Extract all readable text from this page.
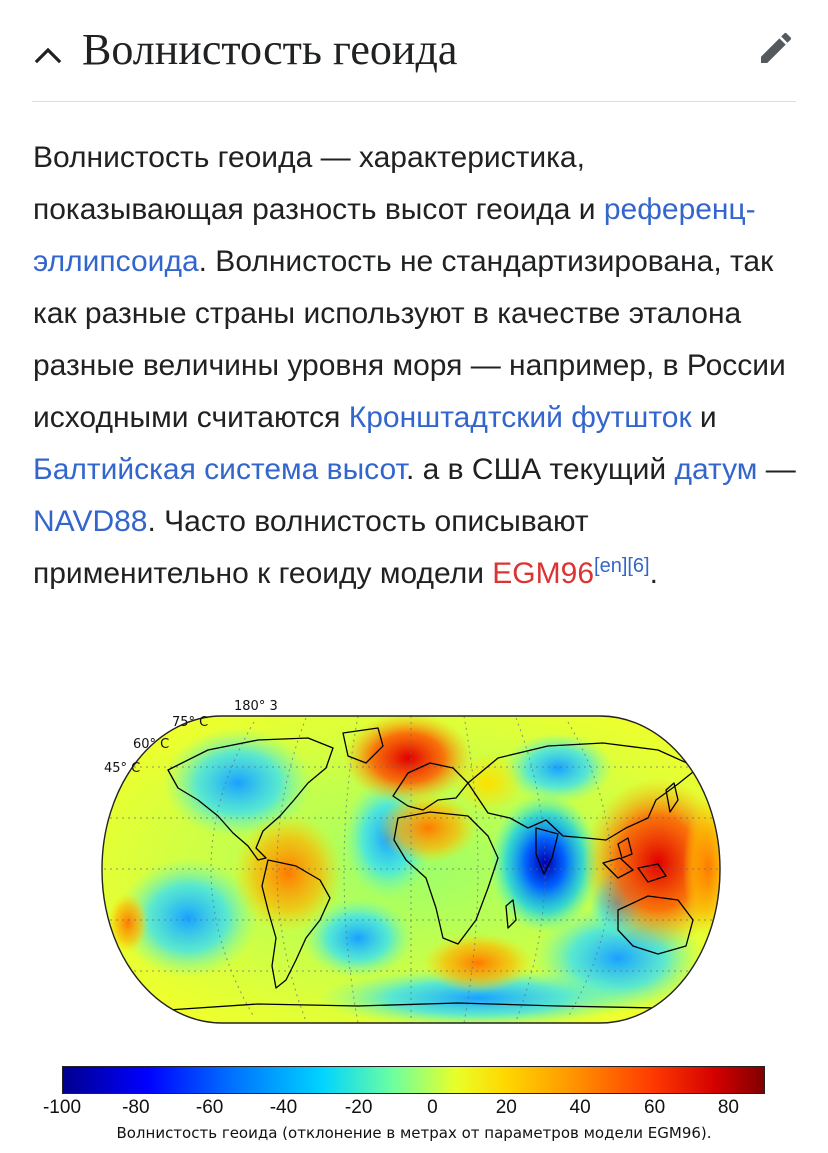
Волнистость геоида

Волнистость геоида — характеристика, показывающая разность высот геоида и референц-эллипсоида. Волнистость не стандартизирована, так как разные страны используют в качестве эталона разные величины уровня моря — например, в России исходными считаются Кронштадтский футшток и Балтийская система высот. а в США текущий датум — NAVD88. Часто волнистость описывают применительно к геоиду модели EGM96[en][6].

180° 3
75° C
60° C
45° C
-100 -80 -60 -40	-20	0	20	40	60	80
Волнистость геоида (отклонение в метрах от параметров модели EGM96).
